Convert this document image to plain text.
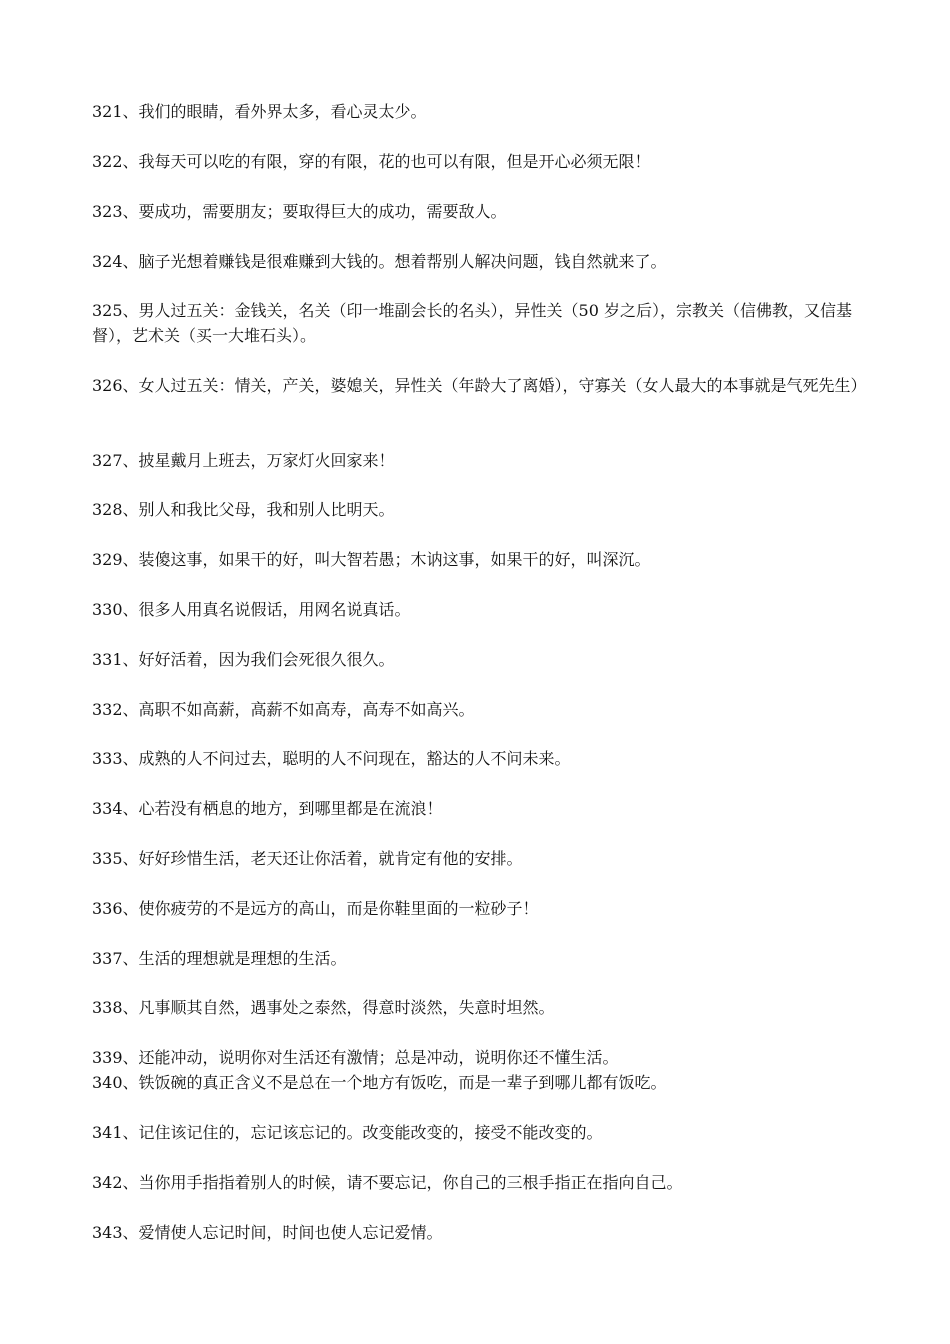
321、我们的眼睛，看外界太多，看心灵太少。

322、我每天可以吃的有限，穿的有限，花的也可以有限，但是开心必须无限！

323、要成功，需要朋友；要取得巨大的成功，需要敌人。

324、脑子光想着赚钱是很难赚到大钱的。想着帮别人解决问题，钱自然就来了。

325、男人过五关：金钱关，名关（印一堆副会长的名头），异性关（50 岁之后），宗教关（信佛教，又信基督），艺术关（买一大堆石头）。

326、女人过五关：情关，产关，婆媳关，异性关（年龄大了离婚），守寡关（女人最大的本事就是气死先生）

327、披星戴月上班去，万家灯火回家来！

328、别人和我比父母，我和别人比明天。

329、装傻这事，如果干的好，叫大智若愚；木讷这事，如果干的好，叫深沉。

330、很多人用真名说假话，用网名说真话。

331、好好活着，因为我们会死很久很久。

332、高职不如高薪，高薪不如高寿，高寿不如高兴。

333、成熟的人不问过去，聪明的人不问现在，豁达的人不问未来。

334、心若没有栖息的地方，到哪里都是在流浪！

335、好好珍惜生活，老天还让你活着，就肯定有他的安排。

336、使你疲劳的不是远方的高山，而是你鞋里面的一粒砂子！

337、生活的理想就是理想的生活。

338、凡事顺其自然，遇事处之泰然，得意时淡然，失意时坦然。

339、还能冲动，说明你对生活还有激情；总是冲动，说明你还不懂生活。

340、铁饭碗的真正含义不是总在一个地方有饭吃，而是一辈子到哪儿都有饭吃。

341、记住该记住的，忘记该忘记的。改变能改变的，接受不能改变的。

342、当你用手指指着别人的时候，请不要忘记，你自己的三根手指正在指向自己。

343、爱情使人忘记时间，时间也使人忘记爱情。
